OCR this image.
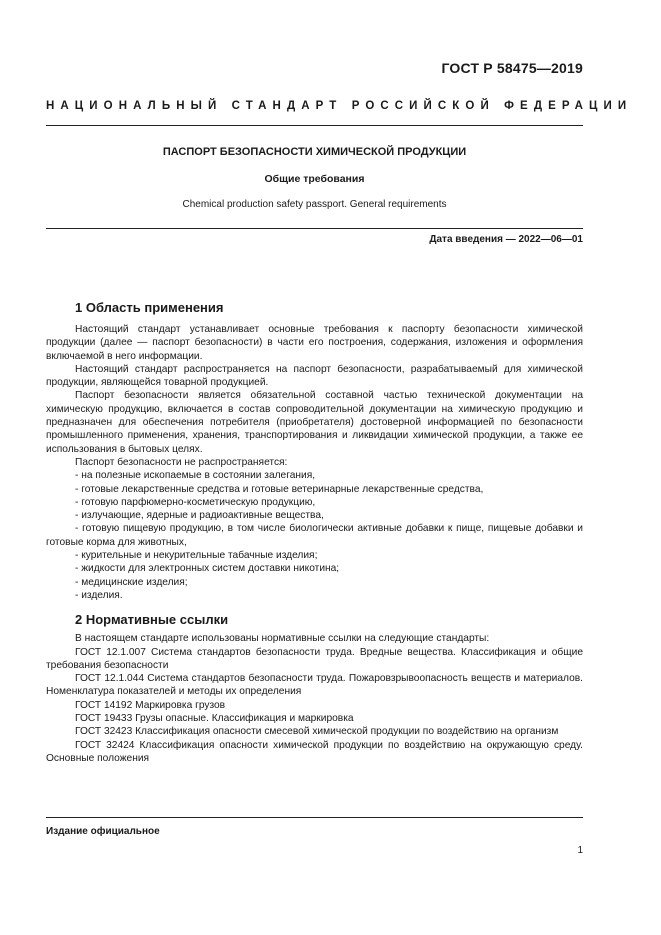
ГОСТ Р 58475—2019
НАЦИОНАЛЬНЫЙ СТАНДАРТ РОССИЙСКОЙ ФЕДЕРАЦИИ
ПАСПОРТ БЕЗОПАСНОСТИ ХИМИЧЕСКОЙ ПРОДУКЦИИ
Общие требования
Chemical production safety passport. General requirements
Дата введения — 2022—06—01
1 Область применения

Настоящий стандарт устанавливает основные требования к паспорту безопасности химической продукции (далее — паспорт безопасности) в части его построения, содержания, изложения и оформления включаемой в него информации.

Настоящий стандарт распространяется на паспорт безопасности, разрабатываемый для химической продукции, являющейся товарной продукцией.

Паспорт безопасности является обязательной составной частью технической документации на химическую продукцию, включается в состав сопроводительной документации на химическую продукцию и предназначен для обеспечения потребителя (приобретателя) достоверной информацией по безопасности промышленного применения, хранения, транспортирования и ликвидации химической продукции, а также ее использования в бытовых целях.

Паспорт безопасности не распространяется:

- на полезные ископаемые в состоянии залегания,

- готовые лекарственные средства и готовые ветеринарные лекарственные средства,

- готовую парфюмерно-косметическую продукцию,

- излучающие, ядерные и радиоактивные вещества,

- готовую пищевую продукцию, в том числе биологически активные добавки к пище, пищевые добавки и готовые корма для животных,

- курительные и некурительные табачные изделия;

- жидкости для электронных систем доставки никотина;

- медицинские изделия;

- изделия.

2 Нормативные ссылки

В настоящем стандарте использованы нормативные ссылки на следующие стандарты:

ГОСТ 12.1.007 Система стандартов безопасности труда. Вредные вещества. Классификация и общие требования безопасности

ГОСТ 12.1.044 Система стандартов безопасности труда. Пожаровзрывоопасность веществ и материалов. Номенклатура показателей и методы их определения

ГОСТ 14192 Маркировка грузов

ГОСТ 19433 Грузы опасные. Классификация и маркировка

ГОСТ 32423 Классификация опасности смесевой химической продукции по воздействию на организм

ГОСТ 32424 Классификация опасности химической продукции по воздействию на окружающую среду. Основные положения

Издание официальное
1
